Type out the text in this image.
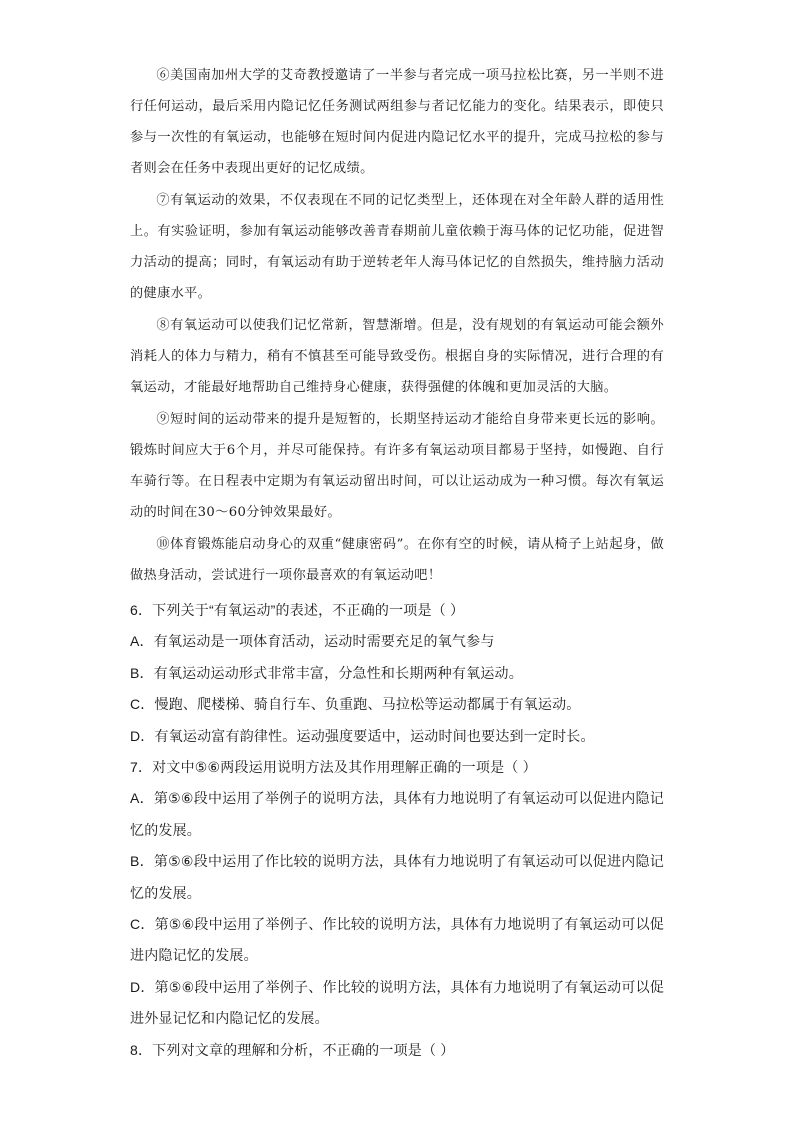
⑥美国南加州大学的艾奇教授邀请了一半参与者完成一项马拉松比赛，另一半则不进行任何运动，最后采用内隐记忆任务测试两组参与者记忆能力的变化。结果表示，即使只参与一次性的有氧运动，也能够在短时间内促进内隐记忆水平的提升，完成马拉松的参与者则会在任务中表现出更好的记忆成绩。

⑦有氧运动的效果，不仅表现在不同的记忆类型上，还体现在对全年龄人群的适用性上。有实验证明，参加有氧运动能够改善青春期前儿童依赖于海马体的记忆功能，促进智力活动的提高；同时，有氧运动有助于逆转老年人海马体记忆的自然损失，维持脑力活动的健康水平。

⑧有氧运动可以使我们记忆常新，智慧渐增。但是，没有规划的有氧运动可能会额外消耗人的体力与精力，稍有不慎甚至可能导致受伤。根据自身的实际情况，进行合理的有氧运动，才能最好地帮助自己维持身心健康，获得强健的体魄和更加灵活的大脑。

⑨短时间的运动带来的提升是短暂的，长期坚持运动才能给自身带来更长远的影响。锻炼时间应大于6个月，并尽可能保持。有许多有氧运动项目都易于坚持，如慢跑、自行车骑行等。在日程表中定期为有氧运动留出时间，可以让运动成为一种习惯。每次有氧运动的时间在30～60分钟效果最好。

⑩体育锻炼能启动身心的双重“健康密码”。在你有空的时候，请从椅子上站起身，做做热身活动，尝试进行一项你最喜欢的有氧运动吧！

6．下列关于“有氧运动”的表述，不正确的一项是（ ）

A．有氧运动是一项体育活动，运动时需要充足的氧气参与

B．有氧运动运动形式非常丰富，分急性和长期两种有氧运动。

C．慢跑、爬楼梯、骑自行车、负重跑、马拉松等运动都属于有氧运动。

D．有氧运动富有韵律性。运动强度要适中，运动时间也要达到一定时长。

7．对文中⑤⑥两段运用说明方法及其作用理解正确的一项是（ ）

A．第⑤⑥段中运用了举例子的说明方法，具体有力地说明了有氧运动可以促进内隐记忆的发展。

B．第⑤⑥段中运用了作比较的说明方法，具体有力地说明了有氧运动可以促进内隐记忆的发展。

C．第⑤⑥段中运用了举例子、作比较的说明方法，具体有力地说明了有氧运动可以促进内隐记忆的发展。

D．第⑤⑥段中运用了举例子、作比较的说明方法，具体有力地说明了有氧运动可以促进外显记忆和内隐记忆的发展。

8．下列对文章的理解和分析，不正确的一项是（ ）
